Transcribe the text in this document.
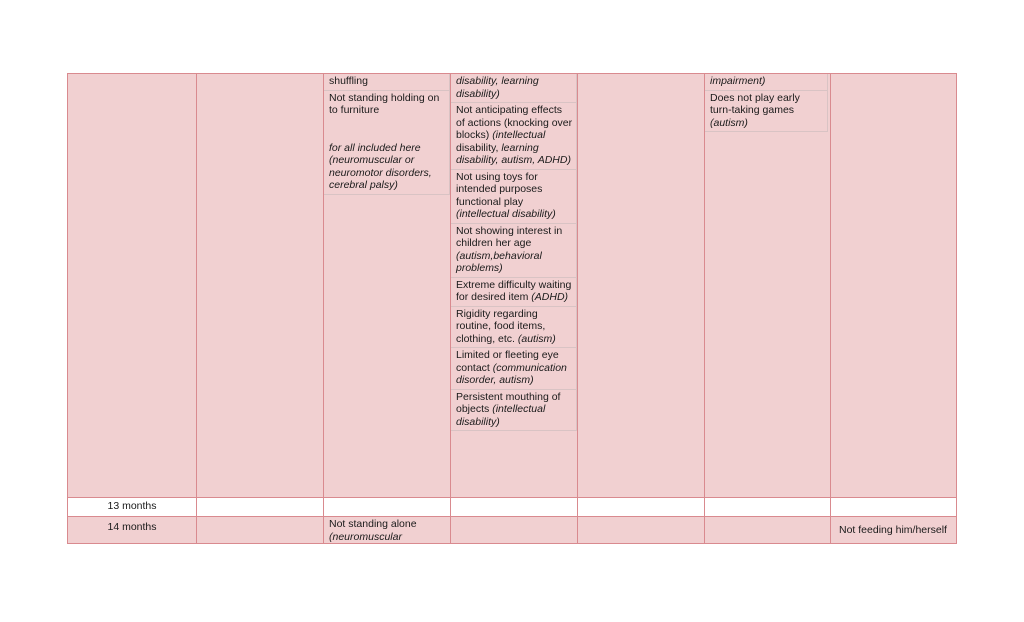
shuffling
Not standing holding on to furniture
for all included here (neuromuscular or neuromotor disorders, cerebral palsy)
disability, learning disability)
Not anticipating effects of actions (knocking over blocks) (intellectual disability, learning disability, autism, ADHD)
Not using toys for intended purposes functional play (intellectual disability)
Not showing interest in children her age (autism,behavioral problems)
Extreme difficulty waiting for desired item (ADHD)
Rigidity regarding routine, food items, clothing, etc. (autism)
Limited or fleeting eye contact (communication disorder, autism)
Persistent mouthing of objects (intellectual disability)
impairment)
Does not play early turn-taking games (autism)
13 months
14 months	Not standing alone
(neuromuscular
Not feeding him/herself
